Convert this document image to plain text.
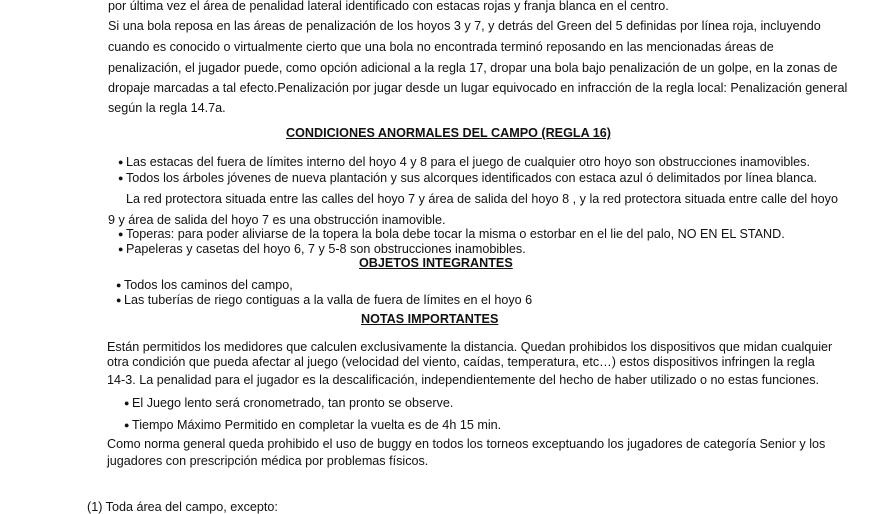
por última vez el área de penalidad lateral identificado con estacas rojas y franja blanca en el centro.
Si una bola reposa en las áreas de penalización de los hoyos 3 y 7, y detrás del Green del 5 definidas por línea roja, incluyendo
cuando es conocido o virtualmente cierto que una bola no encontrada terminó reposando en las mencionadas áreas de
penalización, el jugador puede, como opción adicional a la regla 17, dropar una bola bajo penalización de un golpe, en la zonas de
dropaje marcadas a tal efecto.Penalización por jugar desde un lugar equivocado en infracción de la regla local: Penalización general
según la regla 14.7a.
CONDICIONES ANORMALES DEL CAMPO (REGLA 16)
● Las estacas del fuera de límites interno del hoyo 4 y 8 para el juego de cualquier otro hoyo son obstrucciones inamovibles.
● Todos los árboles jóvenes de nueva plantación y sus alcorques identificados con estaca azul ó delimitados por línea blanca.
La red protectora situada entre las calles del hoyo 7 y área de salida del hoyo 8 , y la red protectora situada entre calle del hoyo
9 y área de salida del hoyo 7 es una obstrucción inamovible.
● Toperas: para poder aliviarse de la topera la bola debe tocar la misma o estorbar en el lie del palo, NO EN EL STAND.
● Papeleras y casetas del hoyo 6, 7 y 5-8 son obstrucciones inamobibles.
OBJETOS INTEGRANTES
● Todos los caminos del campo,
● Las tuberías de riego contiguas a la valla de fuera de límites en el hoyo 6
NOTAS IMPORTANTES
Están permitidos los medidores que calculen exclusivamente la distancia. Quedan prohibidos los dispositivos que midan cualquier
otra condición que pueda afectar al juego (velocidad del viento, caídas, temperatura, etc…) estos dispositivos infringen la regla
14-3. La penalidad para el jugador es la descalificación, independientemente del hecho de haber utilizado o no estas funciones.
● El Juego lento será cronometrado, tan pronto se observe.
● Tiempo Máximo Permitido en completar la vuelta es de 4h 15 min.
Como norma general queda prohibido el uso de buggy en todos los torneos exceptuando los jugadores de categoría Senior y los
jugadores con prescripción médica por problemas físicos.
(1) Toda área del campo, excepto:
